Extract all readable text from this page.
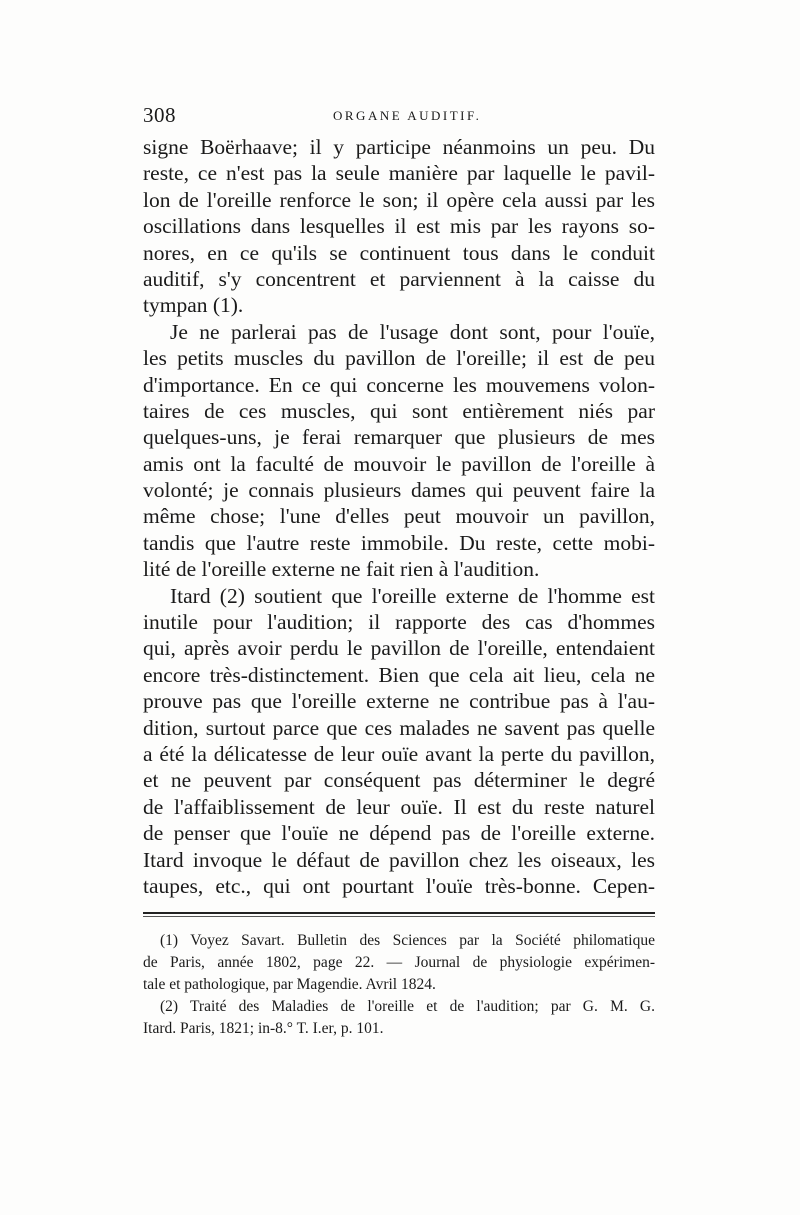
308	ORGANE AUDITIF.
signe Boërhaave; il y participe néanmoins un peu. Du
reste, ce n'est pas la seule manière par laquelle le pavil-
lon de l'oreille renforce le son; il opère cela aussi par les
oscillations dans lesquelles il est mis par les rayons so-
nores, en ce qu'ils se continuent tous dans le conduit
auditif, s'y concentrent et parviennent à la caisse du
tympan (1).
Je ne parlerai pas de l'usage dont sont, pour l'ouïe,
les petits muscles du pavillon de l'oreille; il est de peu
d'importance. En ce qui concerne les mouvemens volon-
taires de ces muscles, qui sont entièrement niés par
quelques-uns, je ferai remarquer que plusieurs de mes
amis ont la faculté de mouvoir le pavillon de l'oreille à
volonté; je connais plusieurs dames qui peuvent faire la
même chose; l'une d'elles peut mouvoir un pavillon,
tandis que l'autre reste immobile. Du reste, cette mobi-
lité de l'oreille externe ne fait rien à l'audition.
Itard (2) soutient que l'oreille externe de l'homme est
inutile pour l'audition; il rapporte des cas d'hommes
qui, après avoir perdu le pavillon de l'oreille, entendaient
encore très-distinctement. Bien que cela ait lieu, cela ne
prouve pas que l'oreille externe ne contribue pas à l'au-
dition, surtout parce que ces malades ne savent pas quelle
a été la délicatesse de leur ouïe avant la perte du pavillon,
et ne peuvent par conséquent pas déterminer le degré
de l'affaiblissement de leur ouïe. Il est du reste naturel
de penser que l'ouïe ne dépend pas de l'oreille externe.
Itard invoque le défaut de pavillon chez les oiseaux, les
taupes, etc., qui ont pourtant l'ouïe très-bonne. Cepen-
(1) Voyez Savart. Bulletin des Sciences par la Société philomatique
de Paris, année 1802, page 22. — Journal de physiologie expérimen-
tale et pathologique, par Magendie. Avril 1824.
(2) Traité des Maladies de l'oreille et de l'audition; par G. M. G.
Itard. Paris, 1821; in-8.° T. I.er, p. 101.
